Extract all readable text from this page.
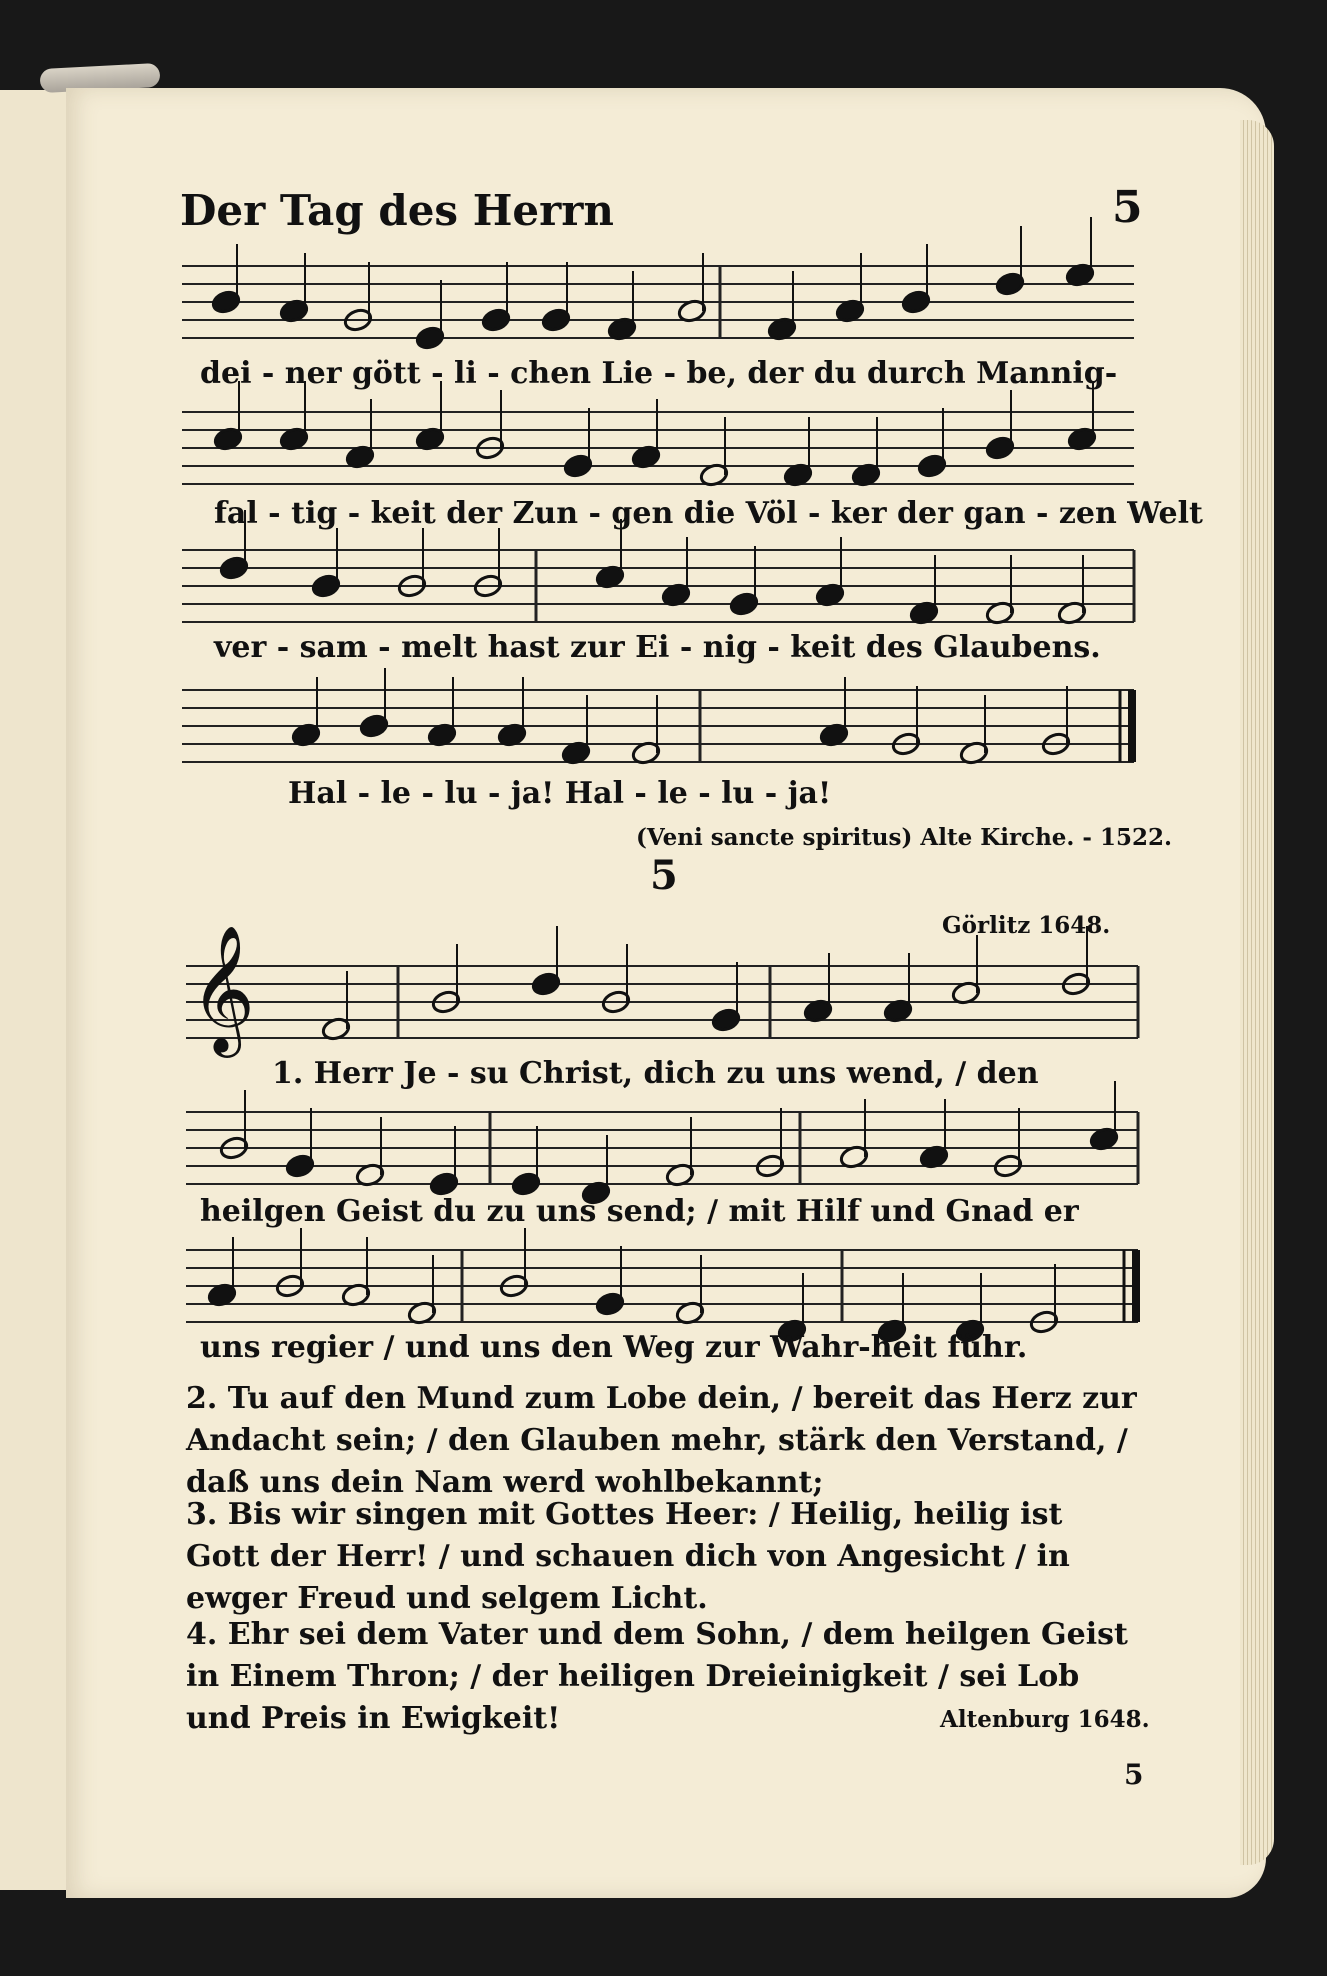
Der Tag des Herrn	5
𝄞
dei - ner gött - li - chen Lie - be, der du durch Mannig-
fal - tig - keit der Zun - gen die Völ - ker der gan - zen Welt
ver - sam - melt hast zur Ei - nig - keit des Glaubens.
Hal - le - lu - ja! Hal - le - lu - ja!
(Veni sancte spiritus) Alte Kirche. - 1522.
5
Görlitz 1648.
1. Herr Je - su Christ, dich zu uns wend, / den
heilgen Geist du zu uns send; / mit Hilf und Gnad er
uns regier / und uns den Weg zur Wahr-heit führ.
2. Tu auf den Mund zum Lobe dein, / bereit das Herz zur Andacht sein; / den Glauben mehr, stärk den Verstand, / daß uns dein Nam werd wohlbekannt;
3. Bis wir singen mit Gottes Heer: / Heilig, heilig ist Gott der Herr! / und schauen dich von Angesicht / in ewger Freud und selgem Licht.
4. Ehr sei dem Vater und dem Sohn, / dem heilgen Geist in Einem Thron; / der heiligen Dreieinigkeit / sei Lob und Preis in Ewigkeit!	Altenburg 1648.
5
